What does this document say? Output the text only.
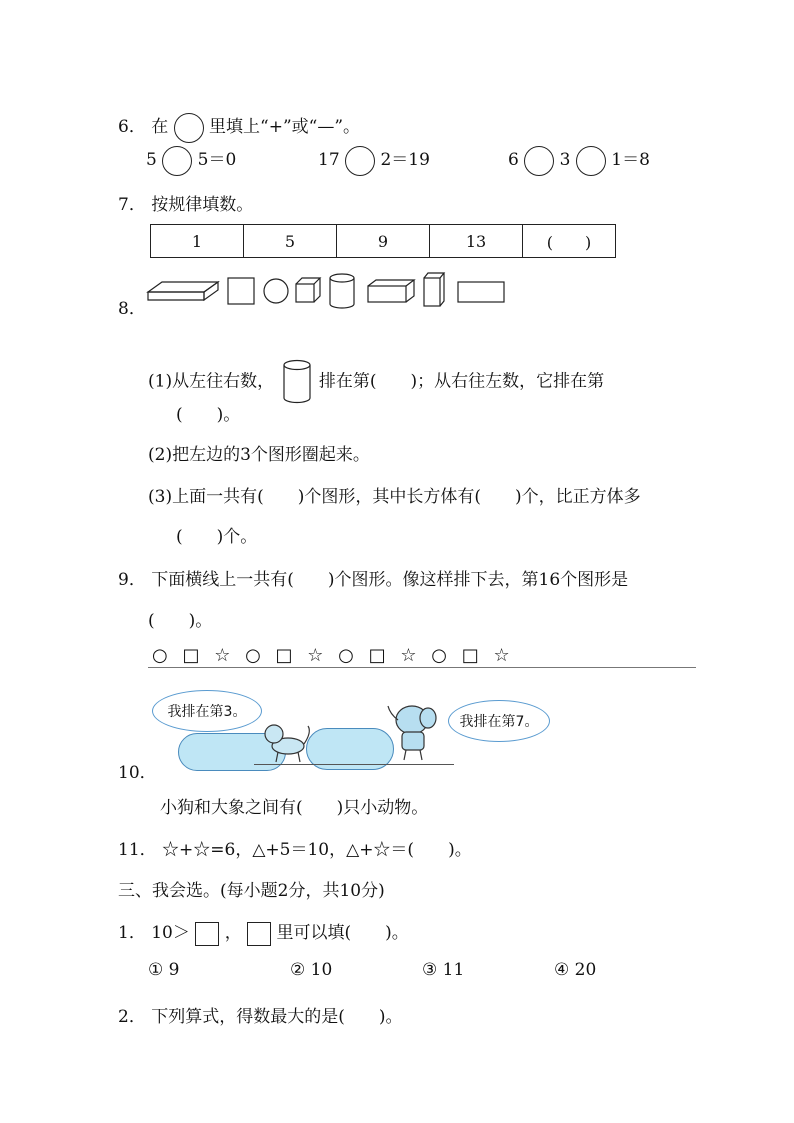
6． 在 里填上“+”或“—”。
5 5＝0	17 2＝19	6 3 1＝8
7． 按规律填数。
1	5	9	13	(　　)
8．
(1)从左往右数，	排在第(　　)；从右往左数，它排在第
(　　)。
(2)把左边的3个图形圈起来。
(3)上面一共有(　　)个图形，其中长方体有(　　)个，比正方体多
(　　)个。
9． 下面横线上一共有(　　)个图形。像这样排下去，第16个图形是
(　　)。
○ □ ☆ ○ □ ☆ ○ □ ☆ ○ □ ☆
10．
我排在第3。
我排在第7。
小狗和大象之间有(　　)只小动物。
11． ☆+☆=6，△+5＝10，△+☆＝(　　)。
三、我会选。(每小题2分，共10分)
1． 10＞ ， 里可以填(　　)。
① 9	② 10	③ 11	④ 20
2． 下列算式，得数最大的是(　　)。
